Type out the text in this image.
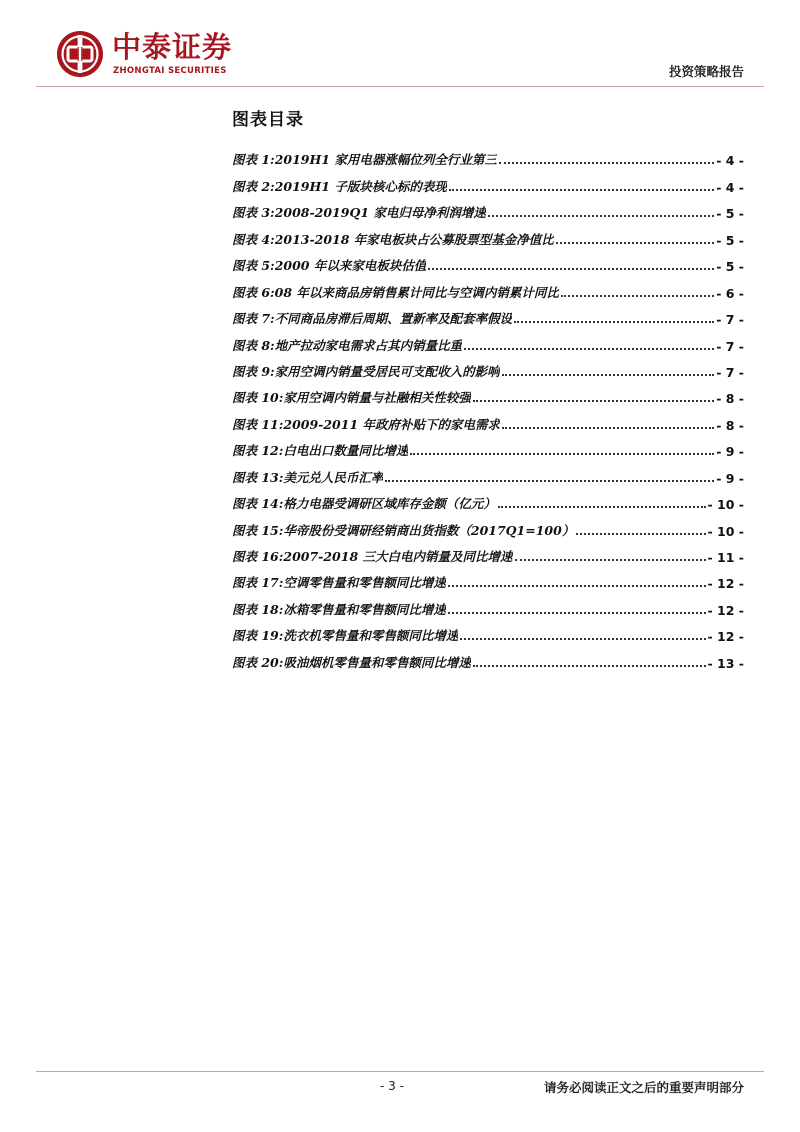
中泰证券
ZHONGTAI SECURITIES	投资策略报告
图表目录
图表 1: 2019H1 家用电器涨幅位列全行业第三	- 4 -
图表 2: 2019H1 子版块核心标的表现	- 4 -
图表 3: 2008-2019Q1 家电归母净利润增速	- 5 -
图表 4: 2013-2018 年家电板块占公募股票型基金净值比	- 5 -
图表 5: 2000 年以来家电板块估值	- 5 -
图表 6: 08 年以来商品房销售累计同比与空调内销累计同比	- 6 -
图表 7: 不同商品房滞后周期、置新率及配套率假设	- 7 -
图表 8: 地产拉动家电需求占其内销量比重	- 7 -
图表 9: 家用空调内销量受居民可支配收入的影响	- 7 -
图表 10: 家用空调内销量与社融相关性较强	- 8 -
图表 11: 2009-2011 年政府补贴下的家电需求	- 8 -
图表 12: 白电出口数量同比增速	- 9 -
图表 13: 美元兑人民币汇率	- 9 -
图表 14: 格力电器受调研区域库存金额（亿元）	- 10 -
图表 15: 华帝股份受调研经销商出货指数（2017Q1=100）	- 10 -
图表 16: 2007-2018 三大白电内销量及同比增速	- 11 -
图表 17: 空调零售量和零售额同比增速	- 12 -
图表 18: 冰箱零售量和零售额同比增速	- 12 -
图表 19: 洗衣机零售量和零售额同比增速	- 12 -
图表 20: 吸油烟机零售量和零售额同比增速	- 13 -
- 3 -	请务必阅读正文之后的重要声明部分
